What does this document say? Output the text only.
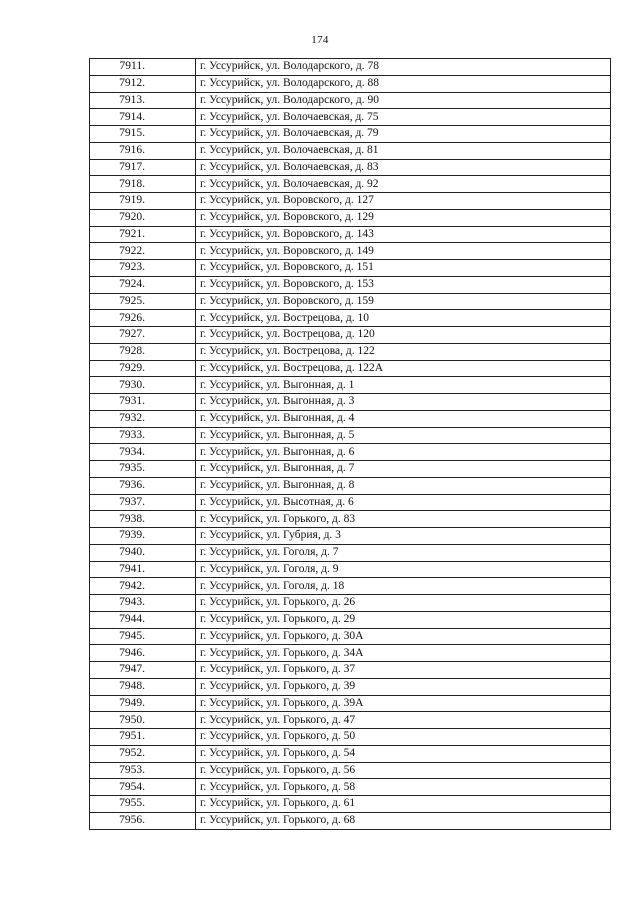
174
7911.	г. Уссурийск, ул. Володарского, д. 78
7912.	г. Уссурийск, ул. Володарского, д. 88
7913.	г. Уссурийск, ул. Володарского, д. 90
7914.	г. Уссурийск, ул. Волочаевская, д. 75
7915.	г. Уссурийск, ул. Волочаевская, д. 79
7916.	г. Уссурийск, ул. Волочаевская, д. 81
7917.	г. Уссурийск, ул. Волочаевская, д. 83
7918.	г. Уссурийск, ул. Волочаевская, д. 92
7919.	г. Уссурийск, ул. Воровского, д. 127
7920.	г. Уссурийск, ул. Воровского, д. 129
7921.	г. Уссурийск, ул. Воровского, д. 143
7922.	г. Уссурийск, ул. Воровского, д. 149
7923.	г. Уссурийск, ул. Воровского, д. 151
7924.	г. Уссурийск, ул. Воровского, д. 153
7925.	г. Уссурийск, ул. Воровского, д. 159
7926.	г. Уссурийск, ул. Вострецова, д. 10
7927.	г. Уссурийск, ул. Вострецова, д. 120
7928.	г. Уссурийск, ул. Вострецова, д. 122
7929.	г. Уссурийск, ул. Вострецова, д. 122А
7930.	г. Уссурийск, ул. Выгонная, д. 1
7931.	г. Уссурийск, ул. Выгонная, д. 3
7932.	г. Уссурийск, ул. Выгонная, д. 4
7933.	г. Уссурийск, ул. Выгонная, д. 5
7934.	г. Уссурийск, ул. Выгонная, д. 6
7935.	г. Уссурийск, ул. Выгонная, д. 7
7936.	г. Уссурийск, ул. Выгонная, д. 8
7937.	г. Уссурийск, ул. Высотная, д. 6
7938.	г. Уссурийск, ул. Горького, д. 83
7939.	г. Уссурийск, ул. Губрия, д. 3
7940.	г. Уссурийск, ул. Гоголя, д. 7
7941.	г. Уссурийск, ул. Гоголя, д. 9
7942.	г. Уссурийск, ул. Гоголя, д. 18
7943.	г. Уссурийск, ул. Горького, д. 26
7944.	г. Уссурийск, ул. Горького, д. 29
7945.	г. Уссурийск, ул. Горького, д. 30А
7946.	г. Уссурийск, ул. Горького, д. 34А
7947.	г. Уссурийск, ул. Горького, д. 37
7948.	г. Уссурийск, ул. Горького, д. 39
7949.	г. Уссурийск, ул. Горького, д. 39А
7950.	г. Уссурийск, ул. Горького, д. 47
7951.	г. Уссурийск, ул. Горького, д. 50
7952.	г. Уссурийск, ул. Горького, д. 54
7953.	г. Уссурийск, ул. Горького, д. 56
7954.	г. Уссурийск, ул. Горького, д. 58
7955.	г. Уссурийск, ул. Горького, д. 61
7956.	г. Уссурийск, ул. Горького, д. 68
